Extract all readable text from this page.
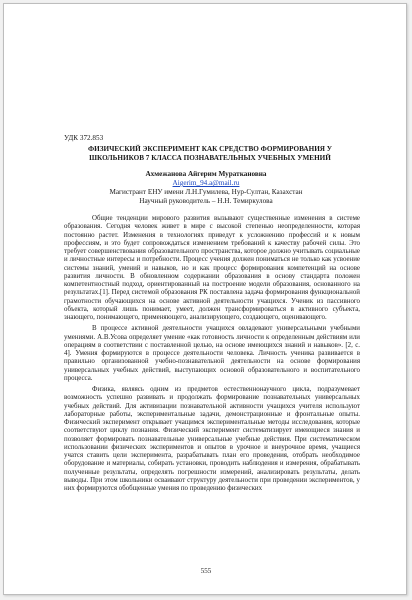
УДК 372.853
ФИЗИЧЕСКИЙ ЭКСПЕРИМЕНТ КАК СРЕДСТВО ФОРМИРОВАНИЯ У ШКОЛЬНИКОВ 7 КЛАССА ПОЗНАВАТЕЛЬНЫХ УЧЕБНЫХ УМЕНИЙ
Ахмежанова Айгерим Мураткановна
Aigerim_94.a@mail.ru
Магистрант ЕНУ имени Л.Н.Гумилева, Нур-Султан, Казахстан
Научный руководитель – Н.Н. Темиркулова

Общие тенденции мирового развития вызывают существенные изменения в системе образования. Сегодня человек живет в мире с высокой степенью неопределенности, которая постоянно растет. Изменения в технологиях приведут к усложнению профессий и к новым профессиям, и это будет сопровождаться изменением требований к качеству рабочей силы. Это требует совершенствования образовательного пространства, которое должно учитывать социальные и личностные интересы и потребности. Процесс учения должен пониматься не только как усвоение системы знаний, умений и навыков, но и как процесс формирования компетенций на основе развития личности. В обновленном содержании образования в основу стандарта положен компетентностный подход, ориентированный на построение модели образования, основанного на результатах.[1]. Перед системой образования РК поставлена задача формирования функциональной грамотности обучающихся на основе активной деятельности учащихся. Ученик из пассивного объекта, который лишь понимает, умеет, должен трансформироваться в активного субъекта, знающего, понимающего, применяющего, анализирующего, создающего, оценивающего.

В процессе активной деятельности учащихся овладевают универсальными учебными умениями. А.В.Усова определяет умение «как готовность личности к определенным действиям или операциям в соответствии с поставленной целью, на основе имеющихся знаний и навыков». [2, с. 4]. Умения формируются в процессе деятельности человека. Личность ученика развивается в правильно организованной учебно-познавательной деятельности на основе формирования универсальных учебных действий, выступающих основой образовательного и воспитательного процесса.

Физика, являясь одним из предметов естественнонаучного цикла, подразумевает возможность успешно развивать и продолжать формирование познавательных универсальных учебных действий. Для активизации познавательной активности учащихся учителя используют лабораторные работы, экспериментальные задачи, демонстрационные и фронтальные опыты. Физический эксперимент открывает учащимся экспериментальные методы исследования, которые соответствуют циклу познания. Физический эксперимент систематизирует имеющиеся знания и позволяет формировать познавательные универсальные учебные действия. При систематическом использовании физических экспериментов и опытов в урочное и внеурочное время, учащиеся учатся ставить цели эксперимента, разрабатывать план его проведения, отобрать необходимое оборудование и материалы, собирать установки, проводить наблюдения и измерения, обрабатывать полученные результаты, определять погрешности измерений, анализировать результаты, делать выводы. При этом школьники осваивают структуру деятельности при проведении экспериментов, у них формируются обобщенные умения по проведению физических

555
